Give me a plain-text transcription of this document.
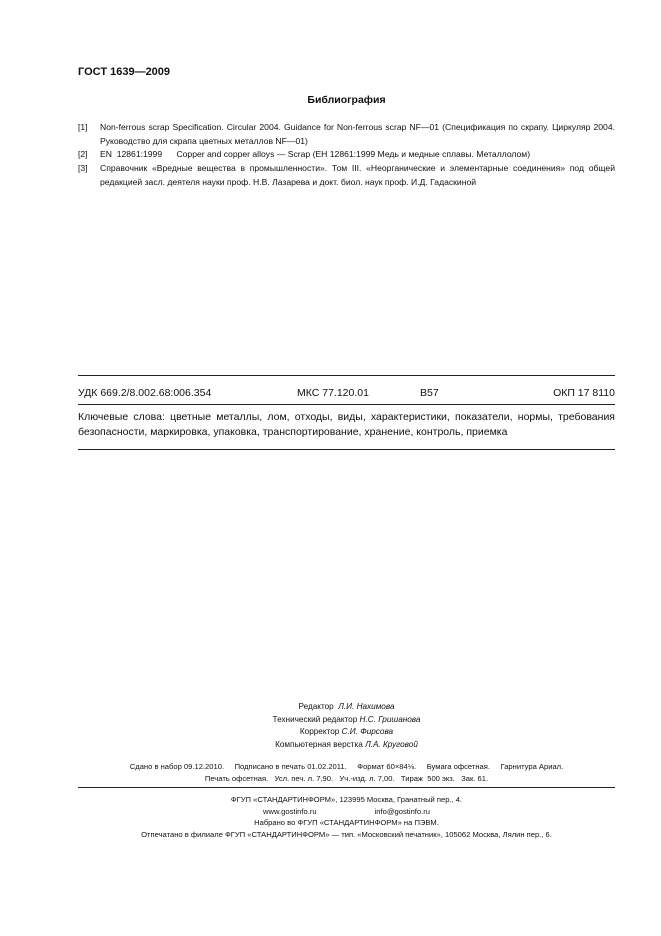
ГОСТ 1639—2009
Библиография
[1] Non-ferrous scrap Specification. Circular 2004. Guidance for Non-ferrous scrap NF—01 (Спецификация по скрапу. Циркуляр 2004. Руководство для скрапа цветных металлов NF—01)
[2] EN  12861:1999      Copper and copper alloys — Scrap (ЕН 12861:1999 Медь и медные сплавы. Металлолом)
[3] Справочник «Вредные вещества в промышленности». Том III. «Неорганические и элементарные соединения» под общей редакцией засл. деятеля науки проф. Н.В. Лазарева и докт. биол. наук проф. И.Д. Гадаскиной
УДК 669.2/8.002.68:006.354	МКС 77.120.01	В57	ОКП 17 8110
Ключевые слова: цветные металлы, лом, отходы, виды, характеристики, показатели, нормы, требования безопасности, маркировка, упаковка, транспортирование, хранение, контроль, приемка
Редактор Л.И. Нахимова
Технический редактор Н.С. Гришанова
Корректор С.И. Фирсова
Компьютерная верстка Л.А. Круговой
Сдано в набор 09.12.2010.     Подписано в печать 01.02.2011.     Формат 60×84⅛.     Бумага офсетная.     Гарнитура Ариал.
Печать офсетная.   Усл. печ. л. 7,90.   Уч.-изд. л. 7,00.   Тираж  500 экз.   Зак. 61.
ФГУП «СТАНДАРТИНФОРМ», 123995 Москва, Гранатный пер., 4.
www.gostinfo.ru	info@gostinfo.ru
Набрано во ФГУП «СТАНДАРТИНФОРМ» на ПЭВМ.
Отпечатано в филиале ФГУП «СТАНДАРТИНФОРМ» — тип. «Московский печатник», 105062 Москва, Лялин пер., 6.
